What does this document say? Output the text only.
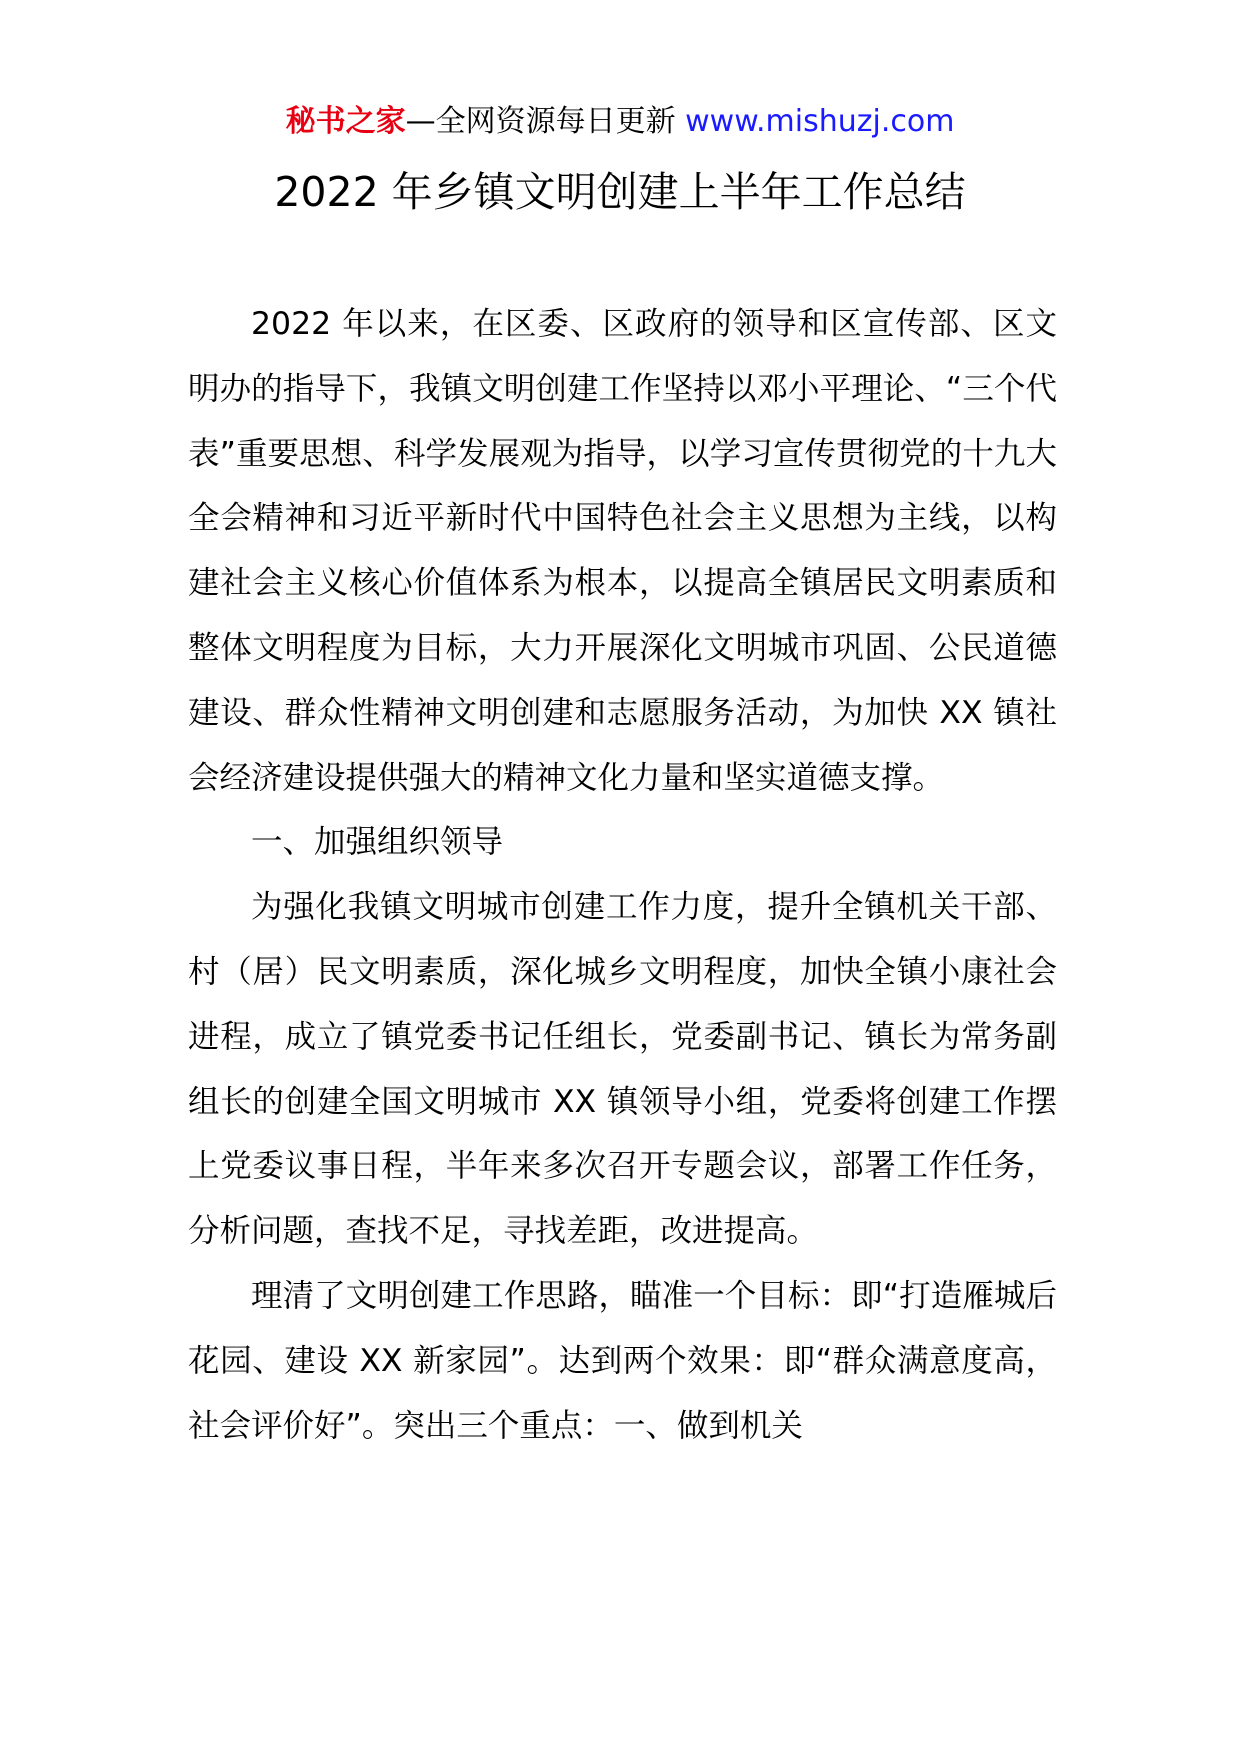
秘书之家—全网资源每日更新 www.mishuzj.com
2022 年乡镇文明创建上半年工作总结

2022 年以来，在区委、区政府的领导和区宣传部、区文明办的指导下，我镇文明创建工作坚持以邓小平理论、“三个代表”重要思想、科学发展观为指导，以学习宣传贯彻党的十九大全会精神和习近平新时代中国特色社会主义思想为主线，以构建社会主义核心价值体系为根本，以提高全镇居民文明素质和整体文明程度为目标，大力开展深化文明城市巩固、公民道德建设、群众性精神文明创建和志愿服务活动，为加快 XX 镇社会经济建设提供强大的精神文化力量和坚实道德支撑。

一、加强组织领导

为强化我镇文明城市创建工作力度，提升全镇机关干部、村（居）民文明素质，深化城乡文明程度，加快全镇小康社会进程，成立了镇党委书记任组长，党委副书记、镇长为常务副组长的创建全国文明城市 XX 镇领导小组，党委将创建工作摆上党委议事日程，半年来多次召开专题会议，部署工作任务，分析问题，查找不足，寻找差距，改进提高。

理清了文明创建工作思路，瞄准一个目标：即“打造雁城后花园、建设 XX 新家园”。达到两个效果：即“群众满意度高，社会评价好”。突出三个重点：一、做到机关
